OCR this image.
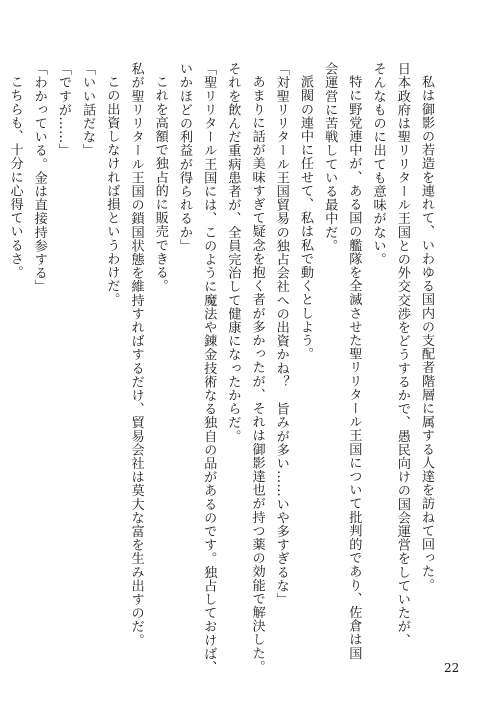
私は御影の若造を連れて、いわゆる国内の支配者階層に属する人達を訪ねて回った。

日本政府は聖リリタール王国との外交交渉をどうするかで、愚民向けの国会運営をしていたが、

そんなものに出ても意味がない。

特に野党連中が、ある国の艦隊を全滅させた聖リリタール王国について批判的であり、佐倉は国

会運営に苦戦している最中だ。

派閥の連中に任せて、私は私で動くとしよう。

「対聖リリタール王国貿易の独占会社への出資かね？　旨みが多い……いや多すぎるな」

あまりに話が美味すぎて疑念を抱く者が多かったが、それは御影達也が持つ薬の効能で解決した。

それを飲んだ重病患者が、全員完治して健康になったからだ。

「聖リリタール王国には、このように魔法や錬金技術なる独自の品があるのです。独占しておけば、

いかほどの利益が得られるか」

これを高額で独占的に販売できる。

私が聖リリタール王国の鎖国状態を維持すればするだけ、貿易会社は莫大な富を生み出すのだ。

この出資しなければ損というわけだ。

「いい話だな」

「ですが……」

「わかっている。金は直接持参する」

こちらも、十分に心得ているさ。

22
